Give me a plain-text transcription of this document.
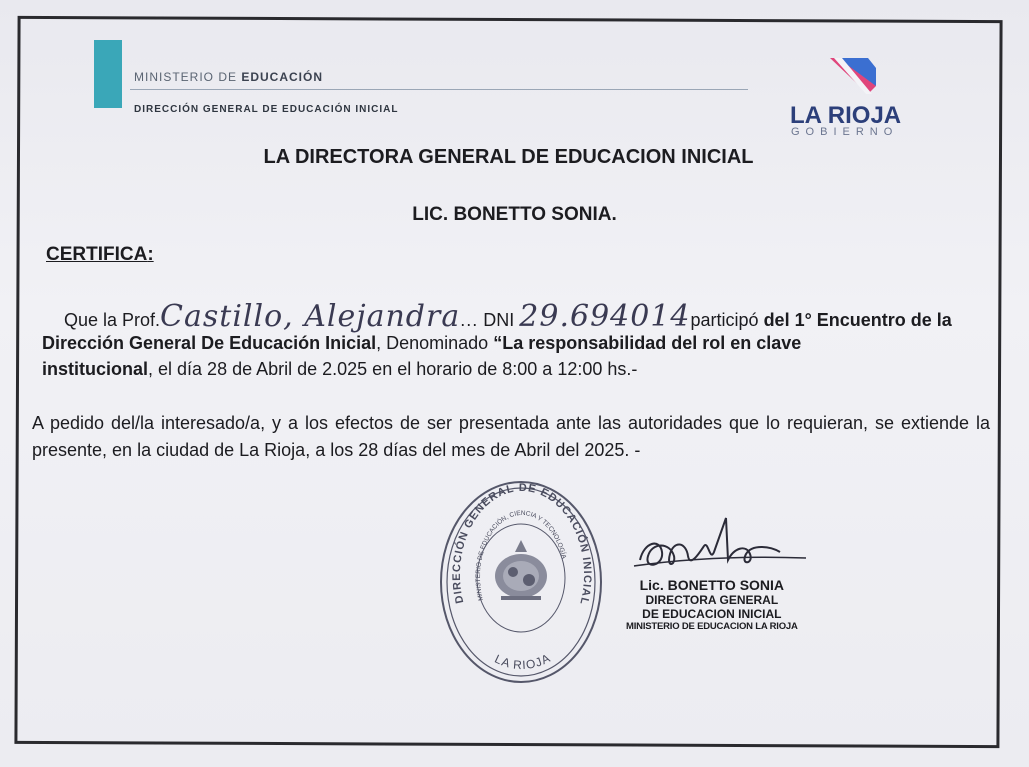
MINISTERIO DE EDUCACIÓN
DIRECCIÓN GENERAL DE EDUCACIÓN INICIAL	LA RIOJA
GOBIERNO
LA DIRECTORA GENERAL DE EDUCACION INICIAL
LIC. BONETTO SONIA.
CERTIFICA:
Que la Prof.Castillo, Alejandra... DNI 29.694014participó del 1° Encuentro de la
Dirección General De Educación Inicial, Denominado “La responsabilidad del rol en clave
institucional, el día 28 de Abril de 2.025 en el horario de 8:00 a 12:00 hs.-
A pedido del/la interesado/a, y a los efectos de ser presentada ante las autoridades que lo requieran, se extiende la presente, en la ciudad de La Rioja, a los 28 días del mes de Abril del 2025. -
DIRECCIÓN GENERAL DE EDUCACIÓN INICIAL
MINISTERIO DE EDUCACIÓN, CIENCIA Y TECNOLOGÍA
LA RIOJA
Lic. BONETTO SONIA
DIRECTORA GENERAL
DE EDUCACION INICIAL
MINISTERIO DE EDUCACION LA RIOJA
